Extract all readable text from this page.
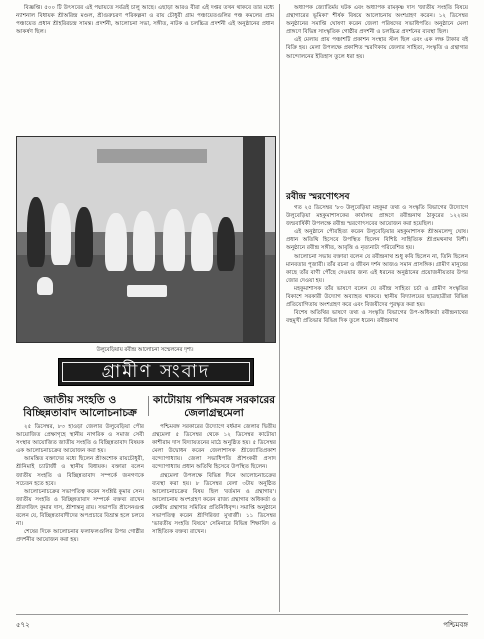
বিজ্ঞপ্তি। ৫০০ টি উৎসবের এই পদ্মায়তে সর্বত্রই চালু আছে। এছাড়া আরও বীরা এই দপ্তর তখন থাকবে তার মধ্যে ন্যাশনাল বিধায়ক শ্রীঅরিন্দ্র মণ্ডল, শ্রীগুরুচরণ পরিকল্পনা ও রায় চৌধুরী গ্রাম পঞ্চায়েতগুলির পঞ্চ কমলের প্রাম পঞ্চায়েত প্রধান শ্রীহরিরচন্দ্র সামন্ত। প্রদর্শনী, আলোচনা সভা, সঙ্গীত, নাটক ও চলচ্চিত্র প্রদর্শনী এই অনুষ্ঠানের প্রধান আকর্ষণ ছিল।

উলুবেড়িয়ায় রবীন্দ্র আলোচনা সম্মেলনের দৃশ্য।
গ্রামীণ সংবাদ
জাতীয় সংহতি ও বিচ্ছিন্নতাবাদ আলোচনাচক্র

২৫ ডিসেম্বর, ৮৩ হাওড়া জেলার উলুবেড়িয়া পৌর আয়োজিত প্রেক্ষাগৃহে স্থানীয় নাগরিক ও সমাজ সেবী সংস্থার আয়োজিত জাতীয় সংহতি ও বিচ্ছিন্নতাবাদ বিষয়ক এক আলোচনাচক্রের আয়োজন করা হয়।

আমন্ত্রিত বক্তাদের মধ্যে ছিলেন শ্রীঅশোক রায়চৌধুরী, শ্রীনিমাই চ্যাটার্জী ও স্থানীয় বিধায়ক। বক্তারা বলেন জাতীয় সংহতি ও বিচ্ছিন্নতাবাদ সম্পর্কে জনগণকে সচেতন হতে হবে।

আলোচনাচক্রের সভাপতিত্ব করেন সংশ্লিষ্ট কুমার সেন। জাতীয় সংহতি ও বিচ্ছিন্নতাবাদ সম্পর্কে বক্তব্য রাখেন শ্রীরণজিৎ কুমার দাস, শ্রীশান্তনু রায়। সভাপতি শ্রীসেনগুপ্ত বলেন যে, বিচ্ছিন্নতাবাদীদের অপপ্রচারে বিভ্রান্ত হলে চলবে না।

শেষের দিকে আলোচনার ফলাফলগুলির উপর গোষ্ঠীর প্রদর্শনীর আয়োজন করা হয়।

কাটোয়ায় পশ্চিমবঙ্গ সরকারের জেলাগ্রন্থমেলা

পশ্চিমবঙ্গ সরকারের উদ্যোগে বর্ধমান জেলার দ্বিতীয় গ্রন্থমেলা ৫ ডিসেম্বর থেকে ১২ ডিসেম্বর কাটোয়া কাশীরাম দাস বিদ্যায়তনের মাঠে অনুষ্ঠিত হয়। ৫ ডিসেম্বর মেলা উদ্বোধন করেন জেলাশাসক শ্রীজ্যোতিপ্রকাশ বন্দ্যোপাধ্যায়। জেলা সভাধিপতি শ্রীশংকরী প্রসাদ বন্দ্যোপাধ্যায় প্রধান অতিথি হিসেবে উপস্থিত ছিলেন।

গ্রন্থমেলা উপলক্ষে বিভিন্ন দিনে আলোচনাচক্রের ব্যবস্থা করা হয়। ৮ ডিসেম্বর বেলা ৩টায় অনুষ্ঠিত আলোচনাচক্রের বিষয় ছিল 'বর্তমান ও গ্রন্থাগার'। আলোচনায় অংশগ্রহণ করেন রাজ্য গ্রন্থাগার অধিকর্তা ও কেন্দ্রীয় গ্রন্থাগার সমিতির প্রতিনিধিবৃন্দ। সমাপ্তি অনুষ্ঠানে সভাপতিত্ব করেন শ্রীগিরিজা মুখার্জী। ১১ ডিসেম্বর 'ভারতীয় সংহতি বিষয়ে' সেমিনারে বিভিন্ন শিক্ষাবিদ ও সাহিত্যিক বক্তব্য রাখেন।

অধ্যাপক জ্যোতির্ময় ঘটক এবং অধ্যাপক রামকৃষ্ণ দাস 'জাতীয় সংহতি বিষয়ে গ্রন্থাগারের ভূমিকা' শীর্ষক বিষয়ে আলোচনায় অংশগ্রহণ করেন। ১২ ডিসেম্বর অনুষ্ঠানের সমাপ্তি ঘোষণা করেন জেলা পরিষদের সভাধিপতি। অনুষ্ঠানে মেলা প্রাঙ্গণে বিভিন্ন সাংস্কৃতিক গোষ্ঠীর প্রদর্শনী ও চলচ্চিত্র প্রদর্শনের ব্যবস্থা ছিল।

এই মেলায় প্রায় পঞ্চাশটি প্রকাশন সংস্থার স্টল ছিল এবং এক লক্ষ টাকার বই বিক্রি হয়। মেলা উপলক্ষে প্রকাশিত স্মরণিকায় জেলার সাহিত্য, সংস্কৃতি ও গ্রন্থাগার আন্দোলনের ইতিহাস তুলে ধরা হয়।

রবীন্দ্র স্মরণোৎসব

গত ২৫ ডিসেম্বর '৮৩ উলুবেড়িয়া মহকুমা তথ্য ও সংস্কৃতি বিভাগের উদ্যোগে উলুবেড়িয়া মহকুমাশাসকের কার্যালয় প্রাঙ্গণে রবীন্দ্রনাথ ঠাকুরের ১২২তম জন্মবার্ষিকী উপলক্ষে রবীন্দ্র স্মরণোৎসবের আয়োজন করা হয়েছিল।

এই অনুষ্ঠানে পৌরহিত্য করেন উলুবেড়িয়ার মহকুমাশাসক শ্রীঅমলেন্দু ঘোষ। প্রধান অতিথি হিসেবে উপস্থিত ছিলেন বিশিষ্ট সাহিত্যিক শ্রীপ্রমথনাথ বিশী। অনুষ্ঠানে রবীন্দ্র সঙ্গীত, আবৃত্তি ও নৃত্যনাট্য পরিবেশিত হয়।

আলোচনা সভায় বক্তারা বলেন যে রবীন্দ্রনাথ শুধু কবি ছিলেন না, তিনি ছিলেন মানবতার পূজারী। তাঁর রচনা ও জীবন দর্শন আজও সমান প্রাসঙ্গিক। গ্রামীণ মানুষের কাছে তাঁর বাণী পৌঁছে দেওয়ার জন্য এই ধরনের অনুষ্ঠানের প্রয়োজনীয়তার উপর জোর দেওয়া হয়।

মহকুমাশাসক তাঁর ভাষণে বলেন যে রবীন্দ্র সাহিত্য চর্চা ও গ্রামীণ সংস্কৃতির বিকাশে সরকারী উদ্যোগ অব্যাহত থাকবে। স্থানীয় বিদ্যালয়ের ছাত্রছাত্রীরা বিভিন্ন প্রতিযোগিতায় অংশগ্রহণ করে এবং বিজয়ীদের পুরস্কৃত করা হয়।

বিশেষ অতিথির ভাষণে তথ্য ও সংস্কৃতি বিভাগের উপ-অধিকর্তা রবীন্দ্রনাথের বহুমুখী প্রতিভার বিভিন্ন দিক তুলে ধরেন। রবীন্দ্রনাথ

৫৭২	পশ্চিমবঙ্গ
